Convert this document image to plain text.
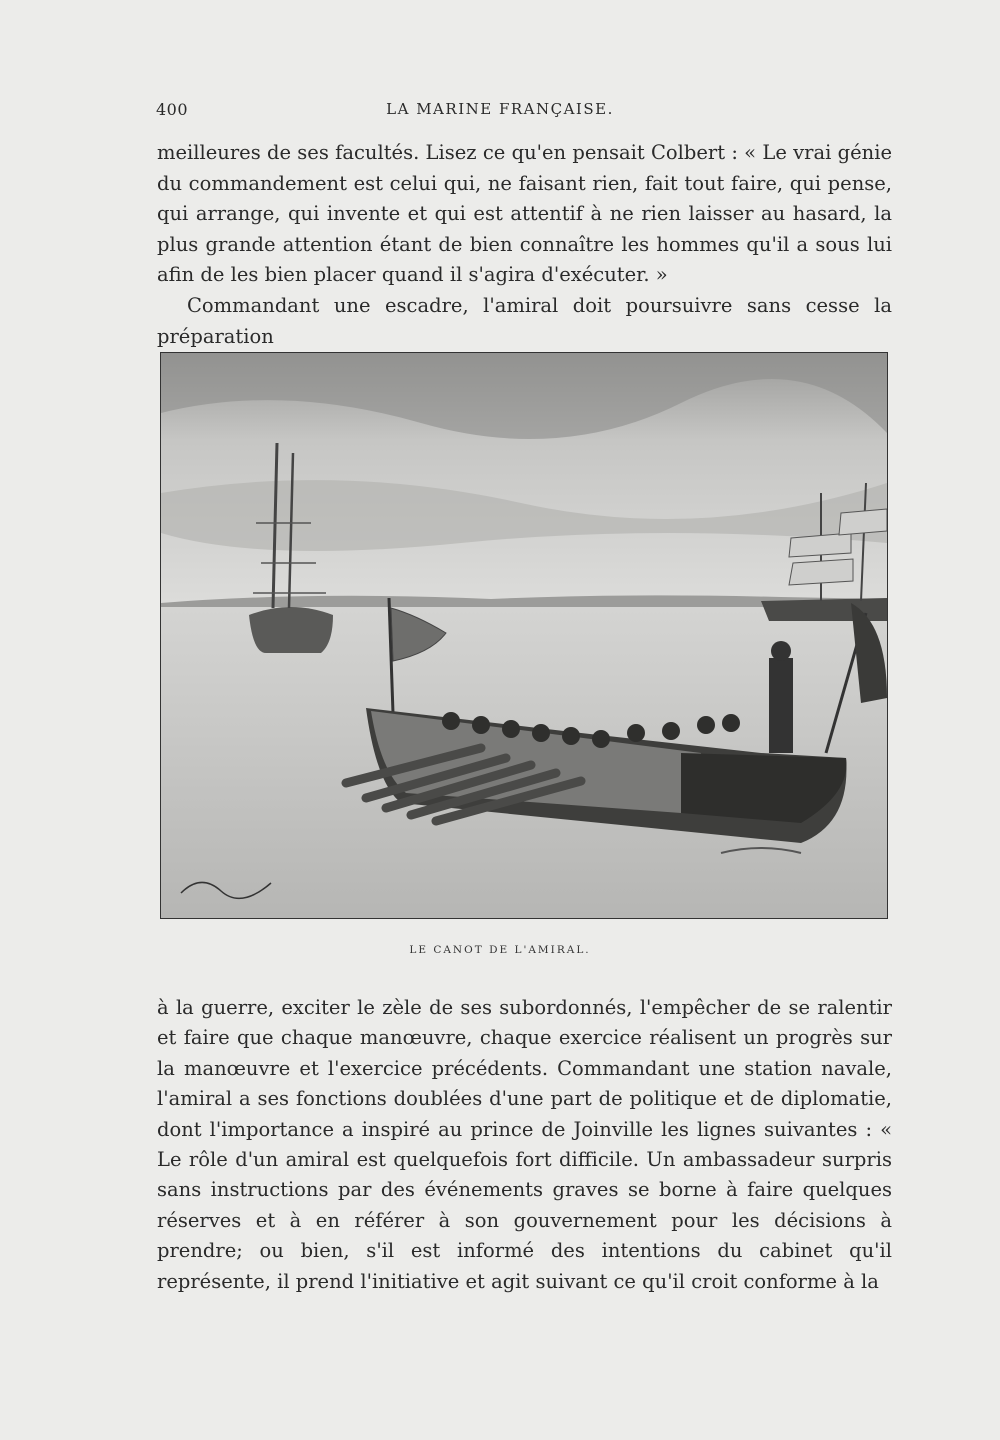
400	LA MARINE FRANÇAISE.

meilleures de ses facultés. Lisez ce qu'en pensait Colbert : « Le vrai génie du commandement est celui qui, ne faisant rien, fait tout faire, qui pense, qui arrange, qui invente et qui est attentif à ne rien laisser au hasard, la plus grande attention étant de bien connaître les hommes qu'il a sous lui afin de les bien placer quand il s'agira d'exécuter. »
Commandant une escadre, l'amiral doit poursuivre sans cesse la préparation

LE CANOT DE L'AMIRAL.

à la guerre, exciter le zèle de ses subordonnés, l'empêcher de se ralentir et faire que chaque manœuvre, chaque exercice réalisent un progrès sur la manœuvre et l'exercice précédents. Commandant une station navale, l'amiral a ses fonctions doublées d'une part de politique et de diplomatie, dont l'importance a inspiré au prince de Joinville les lignes suivantes : « Le rôle d'un amiral est quelquefois fort difficile. Un ambassadeur surpris sans instructions par des événements graves se borne à faire quelques réserves et à en référer à son gouvernement pour les décisions à prendre; ou bien, s'il est informé des intentions du cabinet qu'il représente, il prend l'initiative et agit suivant ce qu'il croit conforme à la
